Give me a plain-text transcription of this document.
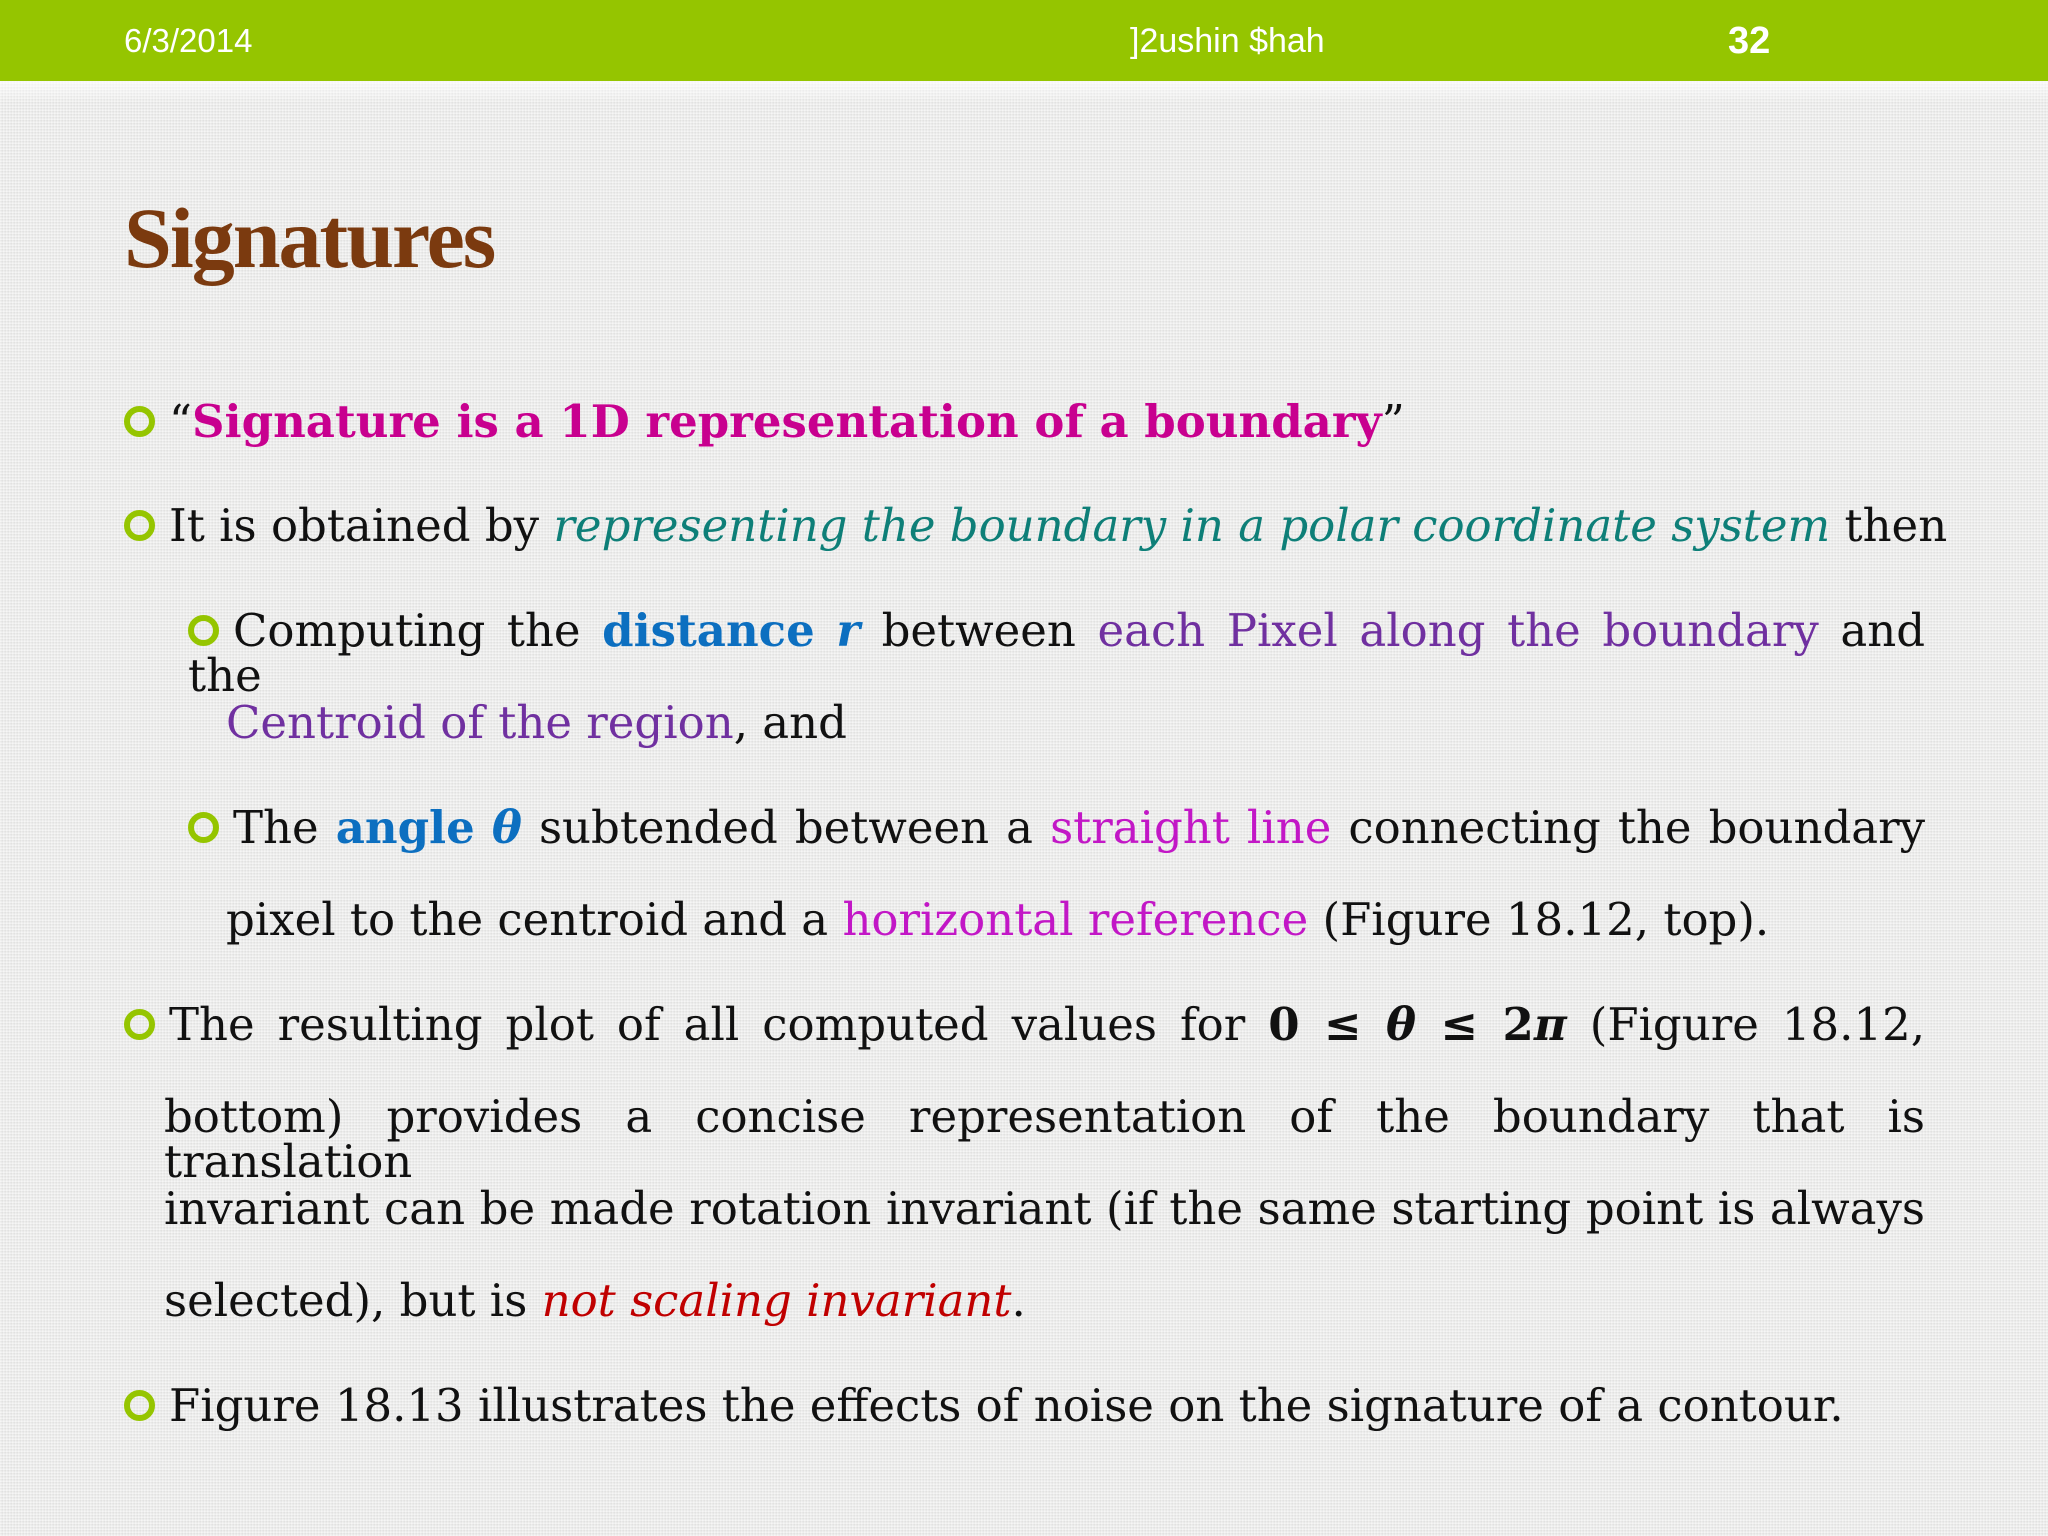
6/3/2014	]2ushin $hah	32
Signatures
“Signature is a 1D representation of a boundary”
It is obtained by representing the boundary in a polar coordinate system then
Computing the distance r between each Pixel along the boundary and the
Centroid of the region, and
The angle θ subtended between a straight line connecting the boundary
pixel to the centroid and a horizontal reference (Figure 18.12, top).
The resulting plot of all computed values for 0 ≤ θ ≤ 2π (Figure 18.12,
bottom) provides a concise representation of the boundary that is translation
invariant can be made rotation invariant (if the same starting point is always
selected), but is not scaling invariant.
Figure 18.13 illustrates the effects of noise on the signature of a contour.
